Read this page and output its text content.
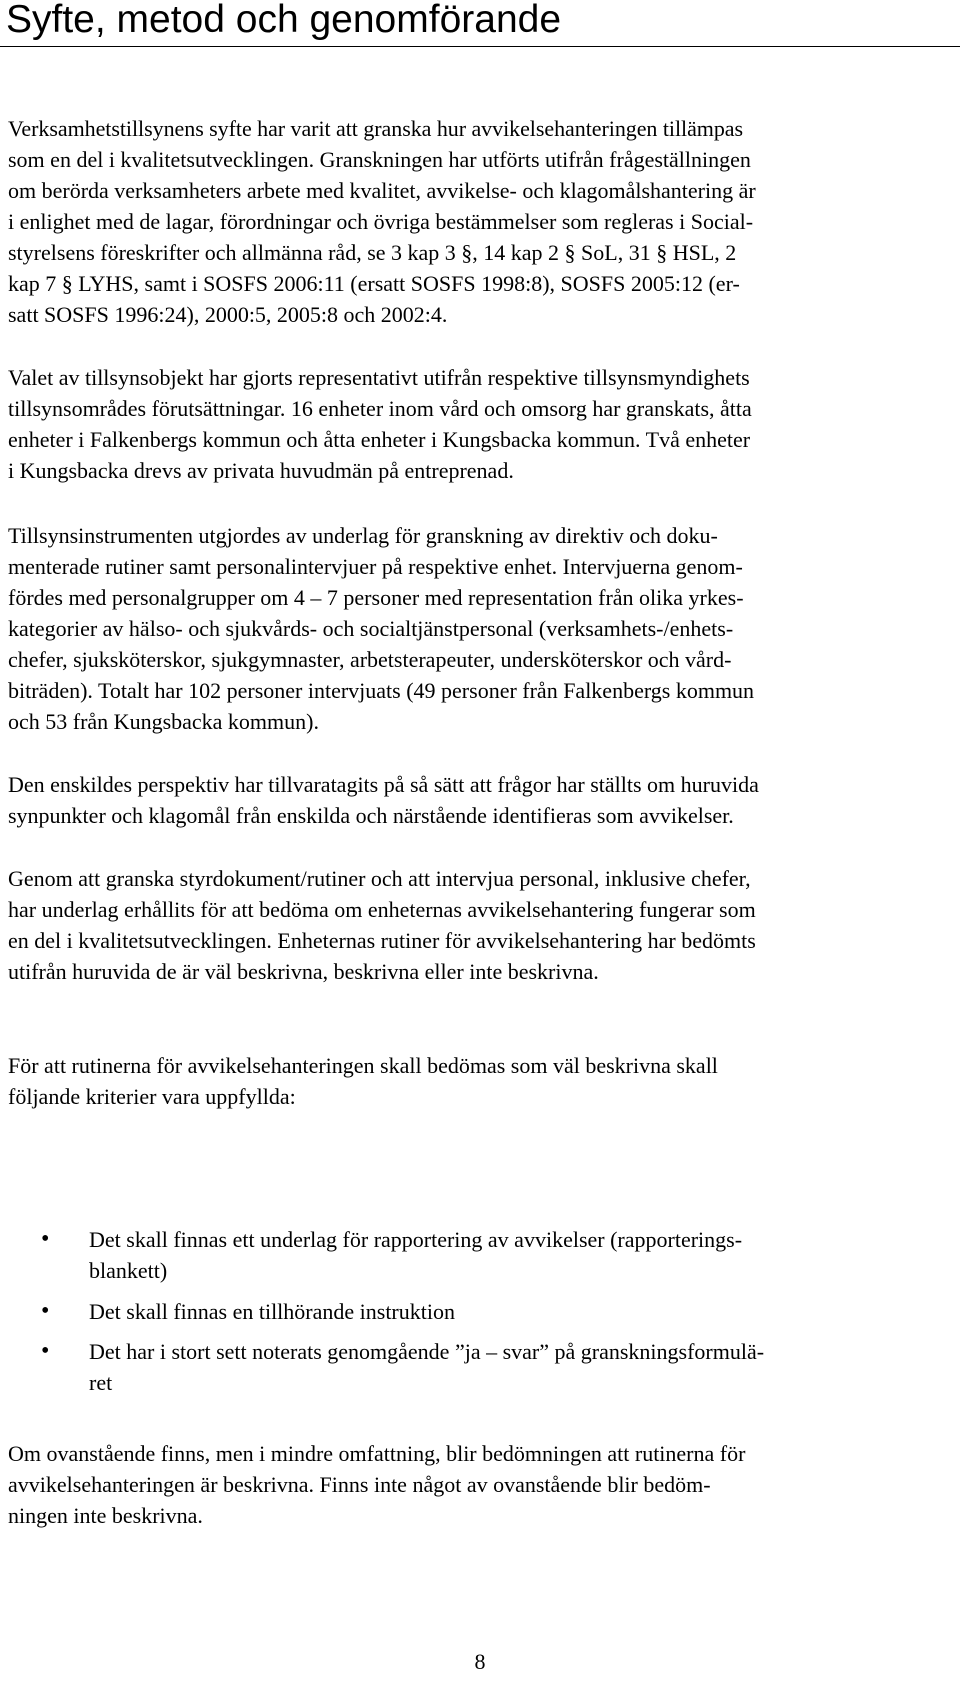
Syfte, metod och genomförande

Verksamhetstillsynens syfte har varit att granska hur avvikelsehanteringen tillämpas
som en del i kvalitetsutvecklingen. Granskningen har utförts utifrån frågeställningen
om berörda verksamheters arbete med kvalitet, avvikelse- och klagomålshantering är
i enlighet med de lagar, förordningar och övriga bestämmelser som regleras i Social-
styrelsens föreskrifter och allmänna råd, se 3 kap 3 §, 14 kap 2 § SoL, 31 § HSL, 2
kap 7 § LYHS, samt i SOSFS 2006:11 (ersatt SOSFS 1998:8), SOSFS 2005:12 (er-
satt SOSFS 1996:24), 2000:5, 2005:8 och 2002:4.

Valet av tillsynsobjekt har gjorts representativt utifrån respektive tillsynsmyndighets
tillsynsområdes förutsättningar. 16 enheter inom vård och omsorg har granskats, åtta
enheter i Falkenbergs kommun och åtta enheter i Kungsbacka kommun. Två enheter
i Kungsbacka drevs av privata huvudmän på entreprenad.

Tillsynsinstrumenten utgjordes av underlag för granskning av direktiv och doku-
menterade rutiner samt personalintervjuer på respektive enhet. Intervjuerna genom-
fördes med personalgrupper om 4 – 7 personer med representation från olika yrkes-
kategorier av hälso- och sjukvårds- och socialtjänstpersonal (verksamhets-/enhets-
chefer, sjuksköterskor, sjukgymnaster, arbetsterapeuter, undersköterskor och vård-
biträden). Totalt har 102 personer intervjuats (49 personer från Falkenbergs kommun
och 53 från Kungsbacka kommun).

Den enskildes perspektiv har tillvaratagits på så sätt att frågor har ställts om huruvida
synpunkter och klagomål från enskilda och närstående identifieras som avvikelser.

Genom att granska styrdokument/rutiner och att intervjua personal, inklusive chefer,
har underlag erhållits för att bedöma om enheternas avvikelsehantering fungerar som
en del i kvalitetsutvecklingen. Enheternas rutiner för avvikelsehantering har bedömts
utifrån huruvida de är väl beskrivna, beskrivna eller inte beskrivna.

För att rutinerna för avvikelsehanteringen skall bedömas som väl beskrivna skall
följande kriterier vara uppfyllda:

• Det skall finnas ett underlag för rapportering av avvikelser (rapporterings-
blankett)
• Det skall finnas en tillhörande instruktion
• Det har i stort sett noterats genomgående ”ja – svar” på granskningsformulä-
ret

Om ovanstående finns, men i mindre omfattning, blir bedömningen att rutinerna för
avvikelsehanteringen är beskrivna. Finns inte något av ovanstående blir bedöm-
ningen inte beskrivna.

8
